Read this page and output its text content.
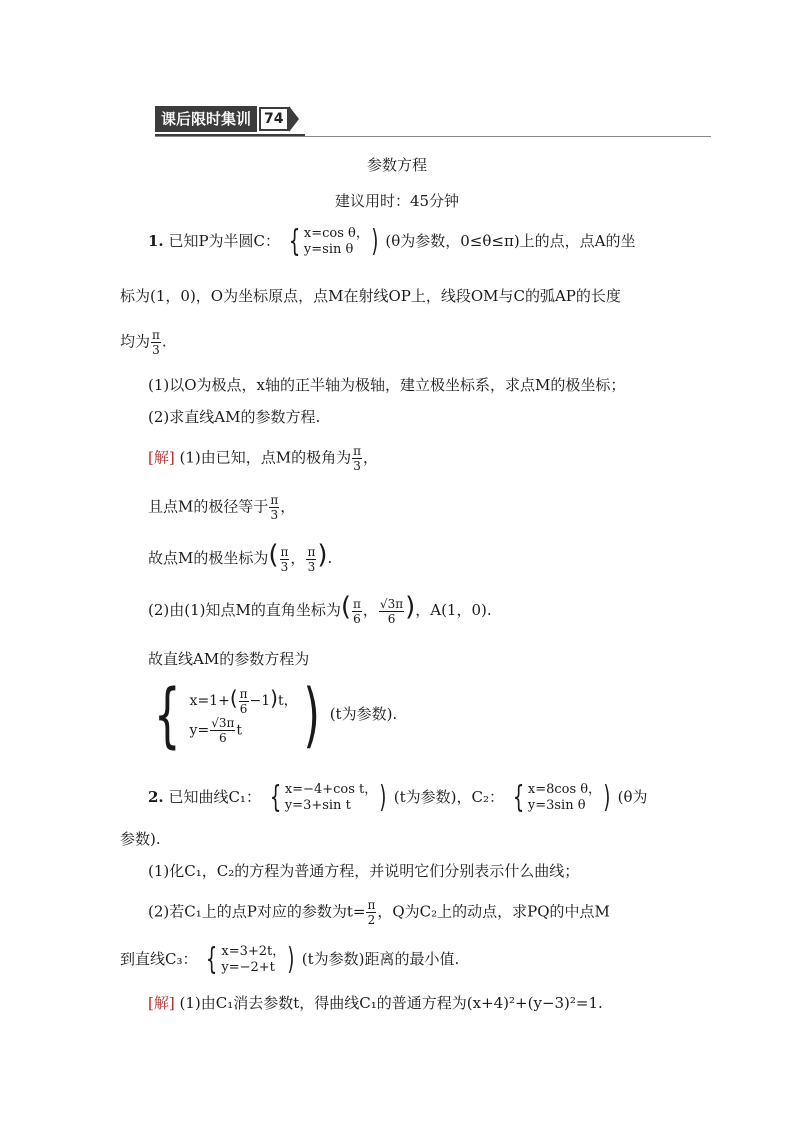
课后限时集训 74
参数方程
建议用时：45分钟
1. 已知P为半圆C： { x=cos θ，
y=sin θ ) (θ为参数，0≤θ≤π)上的点，点A的坐
标为(1，0)，O为坐标原点，点M在射线OP上，线段OM与C的弧AP的长度
均为 $\frac{\pi}{3}$ .
(1)以O为极点，x轴的正半轴为极轴，建立极坐标系，求点M的极坐标；
(2)求直线AM的参数方程.
[解] (1)由已知，点M的极角为 $\frac{\pi}{3}$ ，
且点M的极径等于 $\frac{\pi}{3}$ ，
故点M的极坐标为( $\frac{\pi}{3}$ ， $\frac{\pi}{3}$ ).
(2)由(1)知点M的直角坐标为( $\frac{\pi}{6}$ ， $\frac{√3\pi}{6}$ )，A(1，0).
故直线AM的参数方程为
{ $x=1+( \frac{\pi}{6} -1)t$，
$y= \frac{√3\pi}{6}$ t ) (t为参数).
2. 已知曲线C₁： { x=−4+cos t，
y=3+sin t ) (t为参数)，C₂： { x=8cos θ，
y=3sin θ ) (θ为
参数).
(1)化C₁，C₂的方程为普通方程，并说明它们分别表示什么曲线；
(2)若C₁上的点P对应的参数为$t= \frac{\pi}{2}$ ，Q为C₂上的动点，求PQ的中点M
到直线C₃： { x=3+2t，
y=−2+t ) (t为参数)距离的最小值.
[解] (1)由C₁消去参数t，得曲线C₁的普通方程为(x+4)²+(y−3)²=1.
